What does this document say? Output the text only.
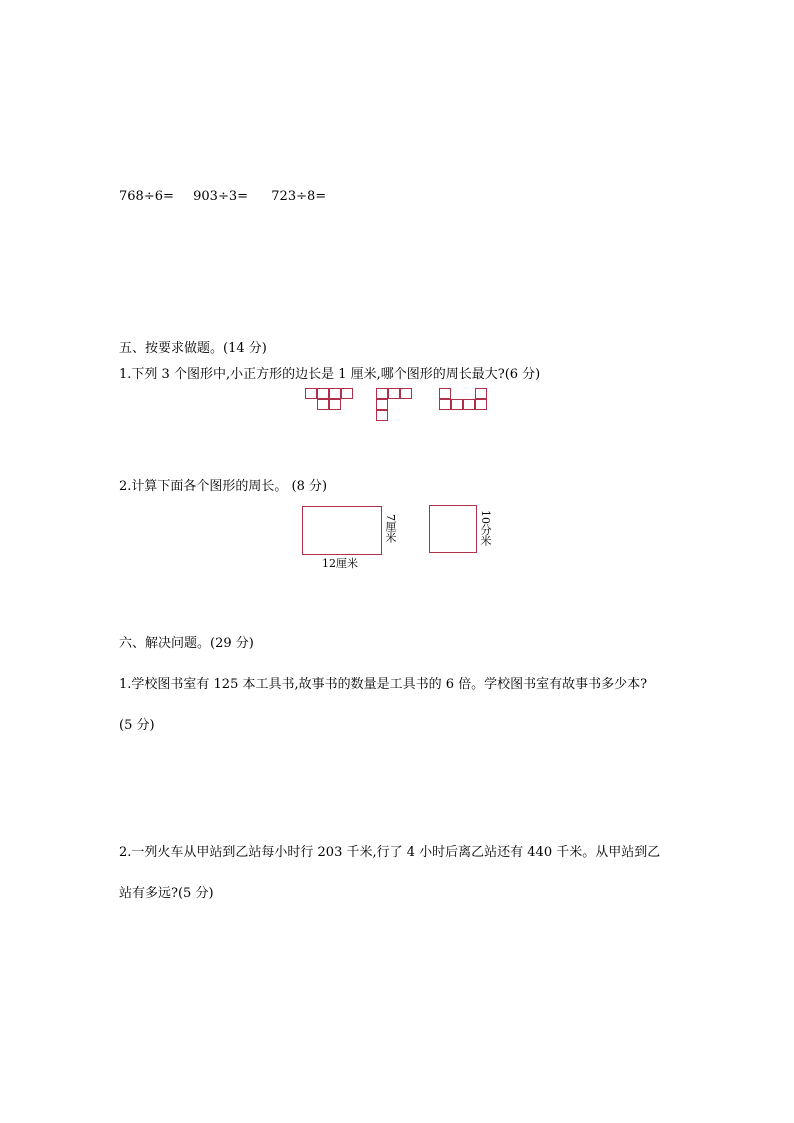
768÷6= 903÷3= 723÷8=
五、按要求做题。(14 分)
1.下列 3 个图形中,小正方形的边长是 1 厘米,哪个图形的周长最大?(6 分)
2.计算下面各个图形的周长。 (8 分)
7厘米
12厘米
10分米
六、解决问题。(29 分)
1.学校图书室有 125 本工具书,故事书的数量是工具书的 6 倍。学校图书室有故事书多少本?
(5 分)
2.一列火车从甲站到乙站每小时行 203 千米,行了 4 小时后离乙站还有 440 千米。从甲站到乙
站有多远?(5 分)
